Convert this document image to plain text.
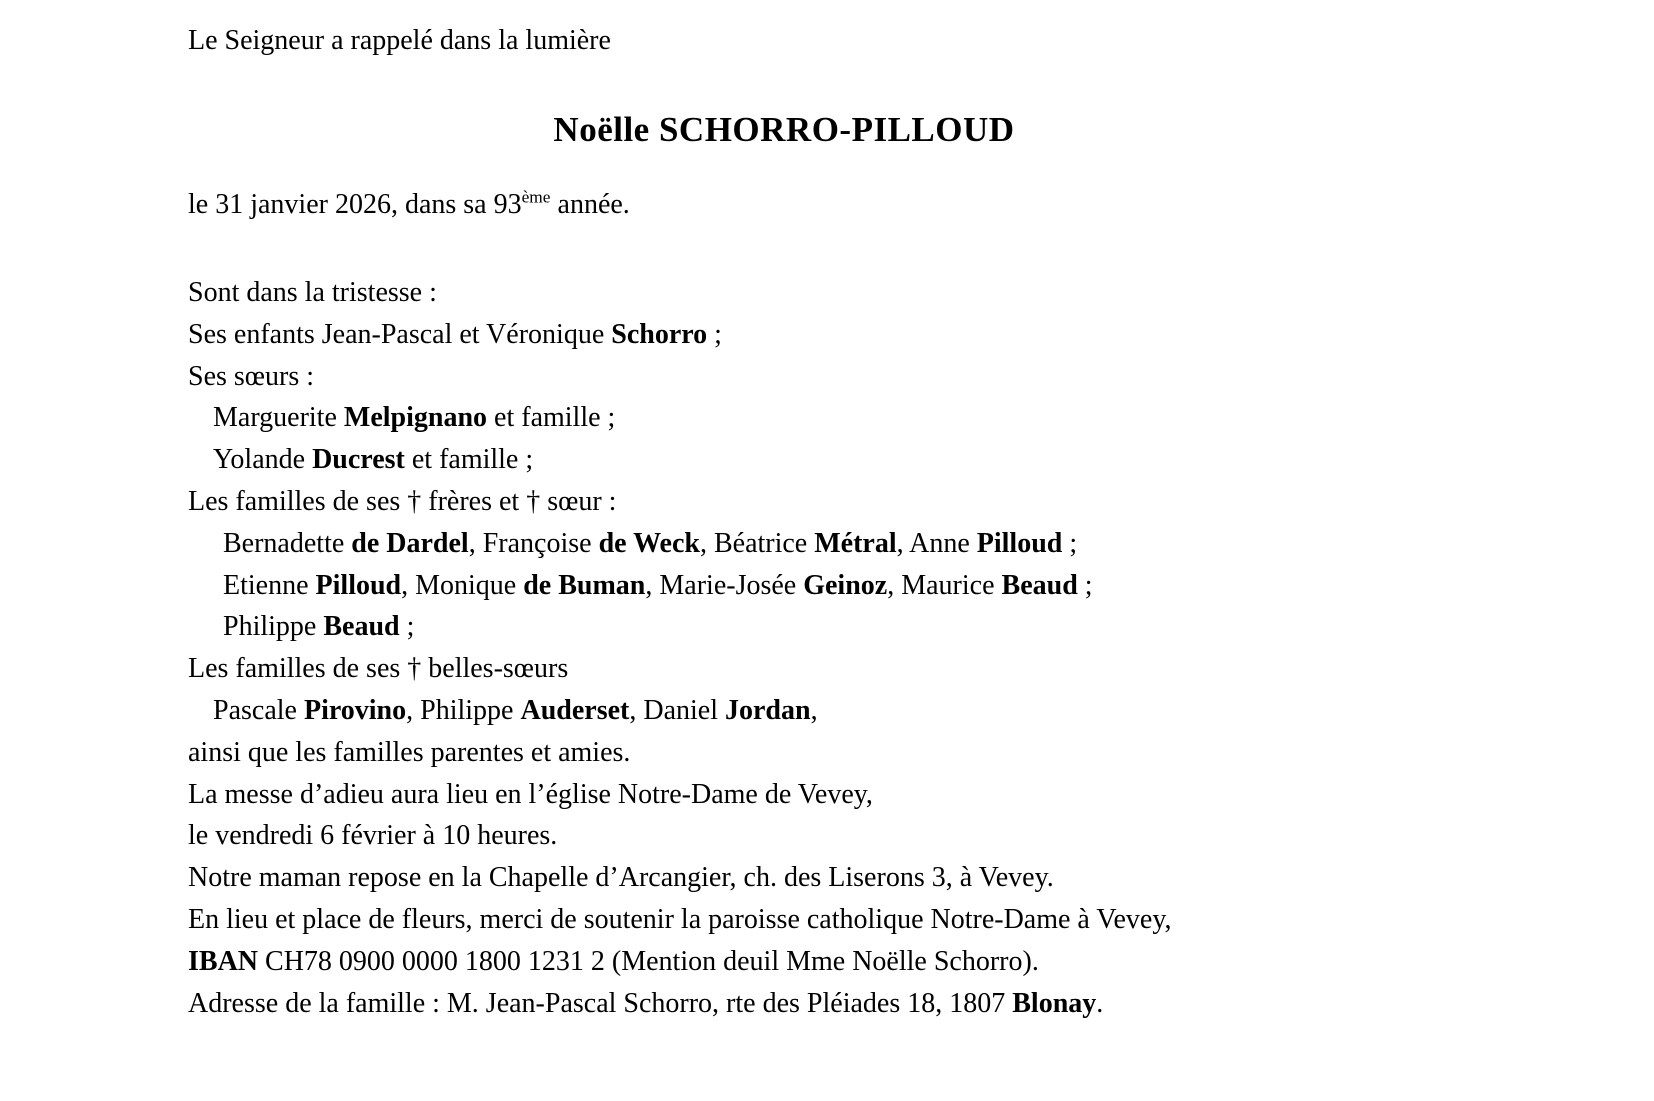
Le Seigneur a rappelé dans la lumière
Noëlle SCHORRO-PILLOUD
le 31 janvier 2026, dans sa 93ème année.
Sont dans la tristesse :
Ses enfants Jean-Pascal et Véronique Schorro ;
Ses sœurs :
Marguerite Melpignano et famille ;
Yolande Ducrest et famille ;
Les familles de ses † frères et † sœur :
Bernadette de Dardel, Françoise de Weck, Béatrice Métral, Anne Pilloud ;
Etienne Pilloud, Monique de Buman, Marie-Josée Geinoz, Maurice Beaud ;
Philippe Beaud ;
Les familles de ses † belles-sœurs
Pascale Pirovino, Philippe Auderset, Daniel Jordan,
ainsi que les familles parentes et amies.
La messe d’adieu aura lieu en l’église Notre-Dame de Vevey,
le vendredi 6 février à 10 heures.
Notre maman repose en la Chapelle d’Arcangier, ch. des Liserons 3, à Vevey.
En lieu et place de fleurs, merci de soutenir la paroisse catholique Notre-Dame à Vevey,
IBAN CH78 0900 0000 1800 1231 2 (Mention deuil Mme Noëlle Schorro).
Adresse de la famille : M. Jean-Pascal Schorro, rte des Pléiades 18, 1807 Blonay.
